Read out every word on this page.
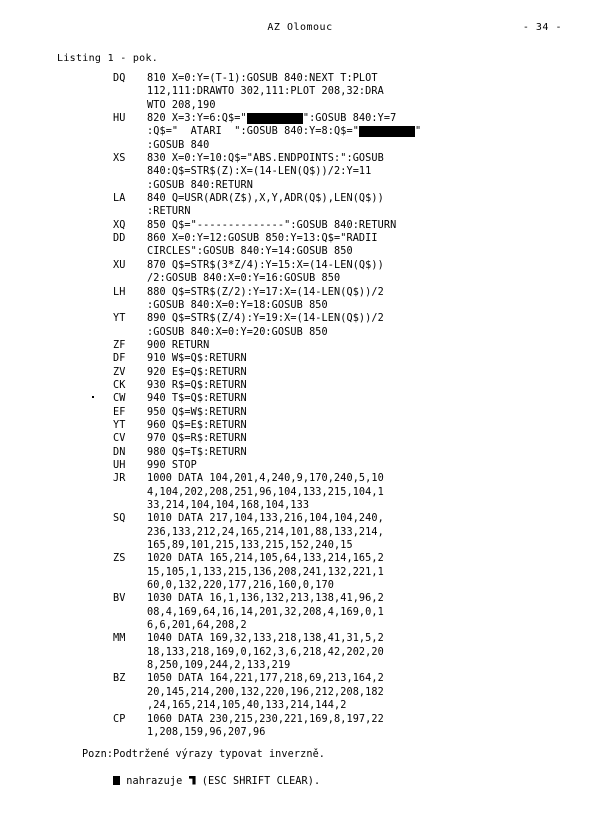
AZ Olomouc	- 34 -
Listing 1 - pok.
DQ 810 X=0:Y=(T-1):GOSUB 840:NEXT T:PLOT
112,111:DRAWTO 302,111:PLOT 208,32:DRA
WTO 208,190
HU 820 X=3:Y=6:Q$="	":GOSUB 840:Y=7
:Q$="  ATARI  ":GOSUB 840:Y=8:Q$="	"
:GOSUB 840
XS 830 X=0:Y=10:Q$="ABS.ENDPOINTS:":GOSUB
840:Q$=STR$(Z):X=(14-LEN(Q$))/2:Y=11
:GOSUB 840:RETURN
LA 840 Q=USR(ADR(Z$),X,Y,ADR(Q$),LEN(Q$))
:RETURN
XQ 850 Q$="--------------":GOSUB 840:RETURN
DD 860 X=0:Y=12:GOSUB 850:Y=13:Q$="RADII
CIRCLES":GOSUB 840:Y=14:GOSUB 850
XU 870 Q$=STR$(3*Z/4):Y=15:X=(14-LEN(Q$))
/2:GOSUB 840:X=0:Y=16:GOSUB 850
LH 880 Q$=STR$(Z/2):Y=17:X=(14-LEN(Q$))/2
:GOSUB 840:X=0:Y=18:GOSUB 850
YT 890 Q$=STR$(Z/4):Y=19:X=(14-LEN(Q$))/2
:GOSUB 840:X=0:Y=20:GOSUB 850
ZF 900 RETURN
DF 910 W$=Q$:RETURN
ZV 920 E$=Q$:RETURN
CK 930 R$=Q$:RETURN
CW 940 T$=Q$:RETURN
EF 950 Q$=W$:RETURN
YT 960 Q$=E$:RETURN
CV 970 Q$=R$:RETURN
DN 980 Q$=T$:RETURN
UH 990 STOP
JR 1000 DATA 104,201,4,240,9,170,240,5,10
4,104,202,208,251,96,104,133,215,104,1
33,214,104,104,168,104,133
SQ 1010 DATA 217,104,133,216,104,104,240,
236,133,212,24,165,214,101,88,133,214,
165,89,101,215,133,215,152,240,15
ZS 1020 DATA 165,214,105,64,133,214,165,2
15,105,1,133,215,136,208,241,132,221,1
60,0,132,220,177,216,160,0,170
BV 1030 DATA 16,1,136,132,213,138,41,96,2
08,4,169,64,16,14,201,32,208,4,169,0,1
6,6,201,64,208,2
MM 1040 DATA 169,32,133,218,138,41,31,5,2
18,133,218,169,0,162,3,6,218,42,202,20
8,250,109,244,2,133,219
BZ 1050 DATA 164,221,177,218,69,213,164,2
20,145,214,200,132,220,196,212,208,182
,24,165,214,105,40,133,214,144,2
CP 1060 DATA 230,215,230,221,169,8,197,22
1,208,159,96,207,96

Pozn:Podtržené výrazy typovat inverzně.

nahrazuje  (ESC SHRIFT CLEAR).
